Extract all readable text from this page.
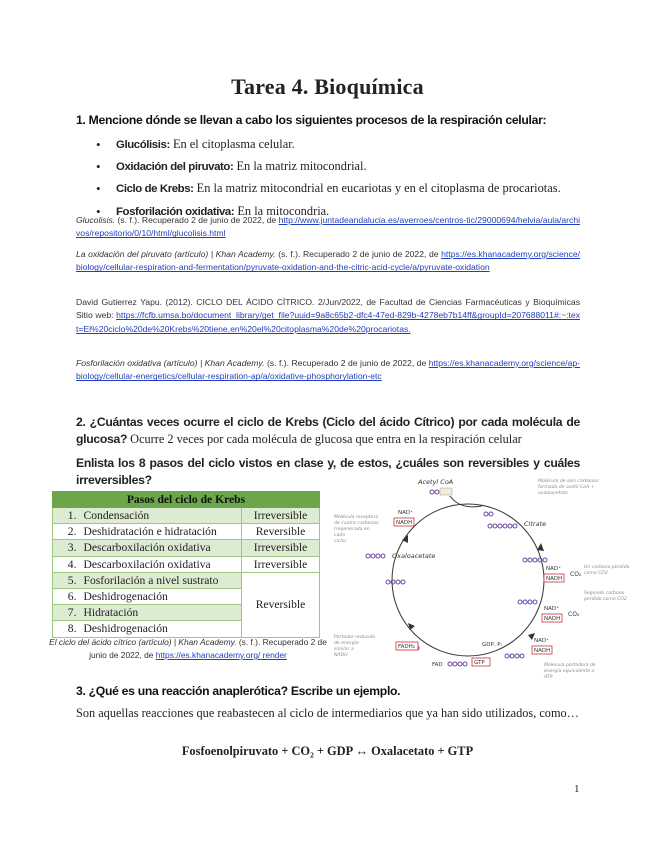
Tarea 4. Bioquímica
1. Mencione dónde se llevan a cabo los siguientes procesos de la respiración celular:
• Glucólisis: En el citoplasma celular.
• Oxidación del piruvato: En la matriz mitocondrial.
• Ciclo de Krebs: En la matriz mitocondrial en eucariotas y en el citoplasma de procariotas.
• Fosforilación oxidativa: En la mitocondria.
Glucolisis. (s. f.). Recuperado 2 de junio de 2022, de http://www.juntadeandalucia.es/averroes/centros-tic/29000694/helvia/aula/archivos/repositorio/0/10/html/glucolisis.html
La oxidación del piruvato (artículo) | Khan Academy. (s. f.). Recuperado 2 de junio de 2022, de https://es.khanacademy.org/science/biology/cellular-respiration-and-fermentation/pyruvate-oxidation-and-the-citric-acid-cycle/a/pyruvate-oxidation
David Gutierrez Yapu. (2012). CICLO DEL ÁCIDO CÍTRICO. 2/Jun/2022, de Facultad de Ciencias Farmacéuticas y Bioquímicas Sitio web: https://fcfb.umsa.bo/document_library/get_file?uuid=9a8c65b2-dfc4-47ed-829b-4278eb7b14ff&groupId=207688011#:~:text=El%20ciclo%20de%20Krebs%20tiene,en%20el%20citoplasma%20de%20procariotas.
Fosforilación oxidativa (artículo) | Khan Academy. (s. f.). Recuperado 2 de junio de 2022, de https://es.khanacademy.org/science/ap-biology/cellular-energetics/cellular-respiration-ap/a/oxidative-phosphorylation-etc
2. ¿Cuántas veces ocurre el ciclo de Krebs (Ciclo del ácido Cítrico) por cada molécula de glucosa? Ocurre 2 veces por cada molécula de glucosa que entra en la respiración celular
Enlista los 8 pasos del ciclo vistos en clase y, de estos, ¿cuáles son reversibles y cuáles irreversibles?
Pasos del ciclo de Krebs		
1.	Condensación	Irreversible
2.	Deshidratación e hidratación	Reversible
3.	Descarboxilación oxidativa	Irreversible
4.	Descarboxilación oxidativa	Irreversible
5.	Fosforilación a nivel sustrato	Reversible
6.	Deshidrogenación	
7.	Hidratación	
8.	Deshidrogenación	
El ciclo del ácido cítrico (artículo) | Khan Academy. (s. f.). Recuperado 2 de junio de 2022, de https://es.khanacademy.org/ render
Acetyl CoA
Citrate
Oxaloacetate
NAD⁺
NADH
CO₂
NAD⁺
NADH
CO₂
NAD⁺
NADH
NADH
NAD⁺
FADH₂
FAD
GDP, Pᵢ
GTP
Molécula receptora
de cuatro carbonos
(regenerada en
cada
ciclo)
Portador reducido
de energía
similar a
NADH
Molécula de seis carbonos
formada de acetil CoA +
oxaloacetato
Un carbono perdido
como CO2
Segundo carbono
perdido como CO2
Molécula portadora de
energía equivalente a
ATP
3. ¿Qué es una reacción anaplerótica? Escribe un ejemplo.
Son aquellas reacciones que reabastecen al ciclo de intermediarios que ya han sido utilizados, como…
Fosfoenolpiruvato + CO₂ + GDP ↔ Oxalacetato + GTP
1
